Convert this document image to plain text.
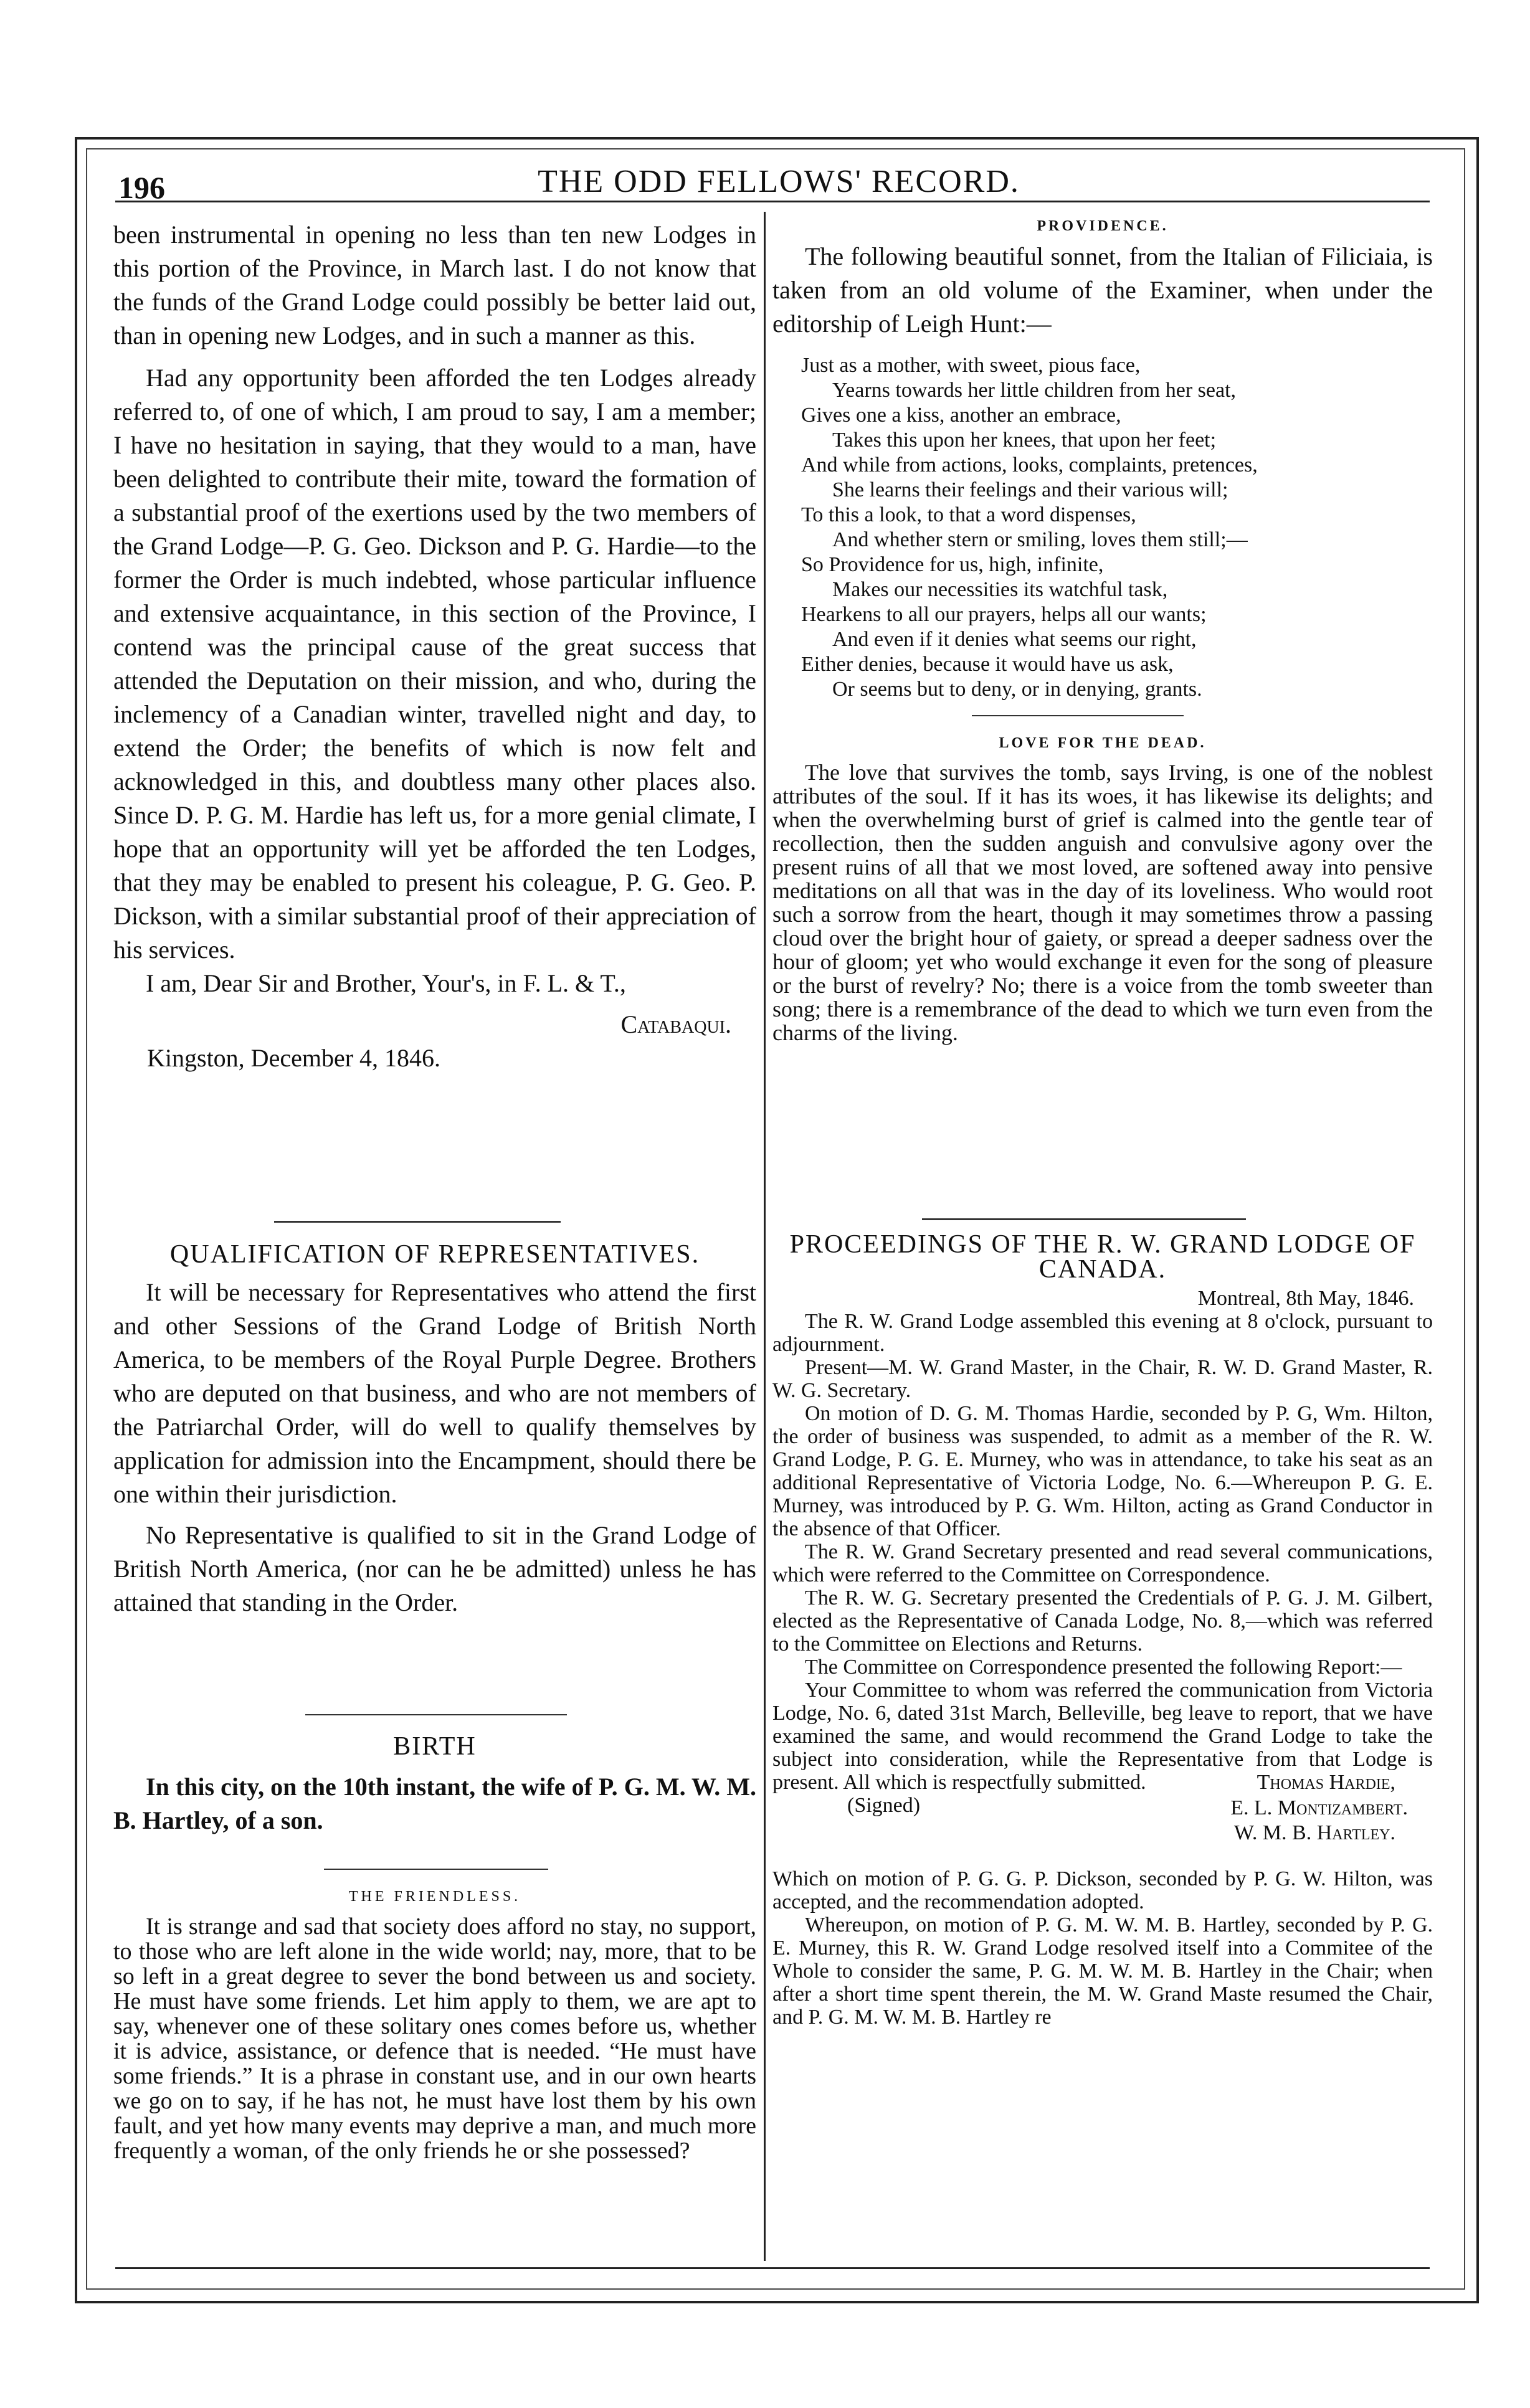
196	THE ODD FELLOWS' RECORD.

been instrumental in opening no less than ten new Lodges in this portion of the Province, in March last. I do not know that the funds of the Grand Lodge could possibly be better laid out, than in opening new Lodges, and in such a manner as this.

Had any opportunity been afforded the ten Lodges already referred to, of one of which, I am proud to say, I am a member; I have no hesitation in saying, that they would to a man, have been delighted to contribute their mite, toward the formation of a substantial proof of the exertions used by the two members of the Grand Lodge—P. G. Geo. Dickson and P. G. Hardie—to the former the Order is much indebted, whose particular influence and extensive acquaintance, in this section of the Province, I contend was the principal cause of the great success that attended the Deputation on their mission, and who, during the inclemency of a Canadian winter, travelled night and day, to extend the Order; the benefits of which is now felt and acknowledged in this, and doubtless many other places also. Since D. P. G. M. Hardie has left us, for a more genial climate, I hope that an opportunity will yet be afforded the ten Lodges, that they may be enabled to present his coleague, P. G. Geo. P. Dickson, with a similar substantial proof of their appreciation of his services.

I am, Dear Sir and Brother, Your's, in F. L. & T.,

Catabaqui.

Kingston, December 4, 1846.

QUALIFICATION OF REPRESENTATIVES.

It will be necessary for Representatives who attend the first and other Sessions of the Grand Lodge of British North America, to be members of the Royal Purple Degree. Brothers who are deputed on that business, and who are not members of the Patriarchal Order, will do well to qualify themselves by application for admission into the Encampment, should there be one within their jurisdiction.

No Representative is qualified to sit in the Grand Lodge of British North America, (nor can he be admitted) unless he has attained that standing in the Order.

BIRTH

In this city, on the 10th instant, the wife of P. G. M. W. M. B. Hartley, of a son.

THE FRIENDLESS.

It is strange and sad that society does afford no stay, no support, to those who are left alone in the wide world; nay, more, that to be so left in a great degree to sever the bond between us and society. He must have some friends. Let him apply to them, we are apt to say, whenever one of these solitary ones comes before us, whether it is advice, assistance, or defence that is needed. “He must have some friends.” It is a phrase in constant use, and in our own hearts we go on to say, if he has not, he must have lost them by his own fault, and yet how many events may deprive a man, and much more frequently a woman, of the only friends he or she possessed?

PROVIDENCE.

The following beautiful sonnet, from the Italian of Filiciaia, is taken from an old volume of the Examiner, when under the editorship of Leigh Hunt:—

Just as a mother, with sweet, pious face,
Yearns towards her little children from her seat,
Gives one a kiss, another an embrace,
Takes this upon her knees, that upon her feet;
And while from actions, looks, complaints, pretences,
She learns their feelings and their various will;
To this a look, to that a word dispenses,
And whether stern or smiling, loves them still;—
So Providence for us, high, infinite,
Makes our necessities its watchful task,
Hearkens to all our prayers, helps all our wants;
And even if it denies what seems our right,
Either denies, because it would have us ask,
Or seems but to deny, or in denying, grants.

LOVE FOR THE DEAD.

The love that survives the tomb, says Irving, is one of the noblest attributes of the soul. If it has its woes, it has likewise its delights; and when the overwhelming burst of grief is calmed into the gentle tear of recollection, then the sudden anguish and convulsive agony over the present ruins of all that we most loved, are softened away into pensive meditations on all that was in the day of its loveliness. Who would root such a sorrow from the heart, though it may sometimes throw a passing cloud over the bright hour of gaiety, or spread a deeper sadness over the hour of gloom; yet who would exchange it even for the song of pleasure or the burst of revelry? No; there is a voice from the tomb sweeter than song; there is a remembrance of the dead to which we turn even from the charms of the living.

PROCEEDINGS OF THE R. W. GRAND LODGE OF CANADA.

Montreal, 8th May, 1846.

The R. W. Grand Lodge assembled this evening at 8 o'clock, pursuant to adjournment.

Present—M. W. Grand Master, in the Chair, R. W. D. Grand Master, R. W. G. Secretary.

On motion of D. G. M. Thomas Hardie, seconded by P. G, Wm. Hilton, the order of business was suspended, to admit as a member of the R. W. Grand Lodge, P. G. E. Murney, who was in attendance, to take his seat as an additional Representative of Victoria Lodge, No. 6.—Whereupon P. G. E. Murney, was introduced by P. G. Wm. Hilton, acting as Grand Conductor in the absence of that Officer.

The R. W. Grand Secretary presented and read several communications, which were referred to the Committee on Correspondence.

The R. W. G. Secretary presented the Credentials of P. G. J. M. Gilbert, elected as the Representative of Canada Lodge, No. 8,—which was referred to the Committee on Elections and Returns.

The Committee on Correspondence presented the following Report:—

Your Committee to whom was referred the communication from Victoria Lodge, No. 6, dated 31st March, Belleville, beg leave to report, that we have examined the same, and would recommend the Grand Lodge to take the subject into consideration, while the Representative from that Lodge is present. All which is respectfully submitted.

(Signed)
Thomas Hardie,
E. L. Montizambert.
W. M. B. Hartley.

Which on motion of P. G. G. P. Dickson, seconded by P. G. W. Hilton, was accepted, and the recommendation adopted.

Whereupon, on motion of P. G. M. W. M. B. Hartley, seconded by P. G. E. Murney, this R. W. Grand Lodge resolved itself into a Commitee of the Whole to consider the same, P. G. M. W. M. B. Hartley in the Chair; when after a short time spent therein, the M. W. Grand Maste resumed the Chair, and P. G. M. W. M. B. Hartley re
